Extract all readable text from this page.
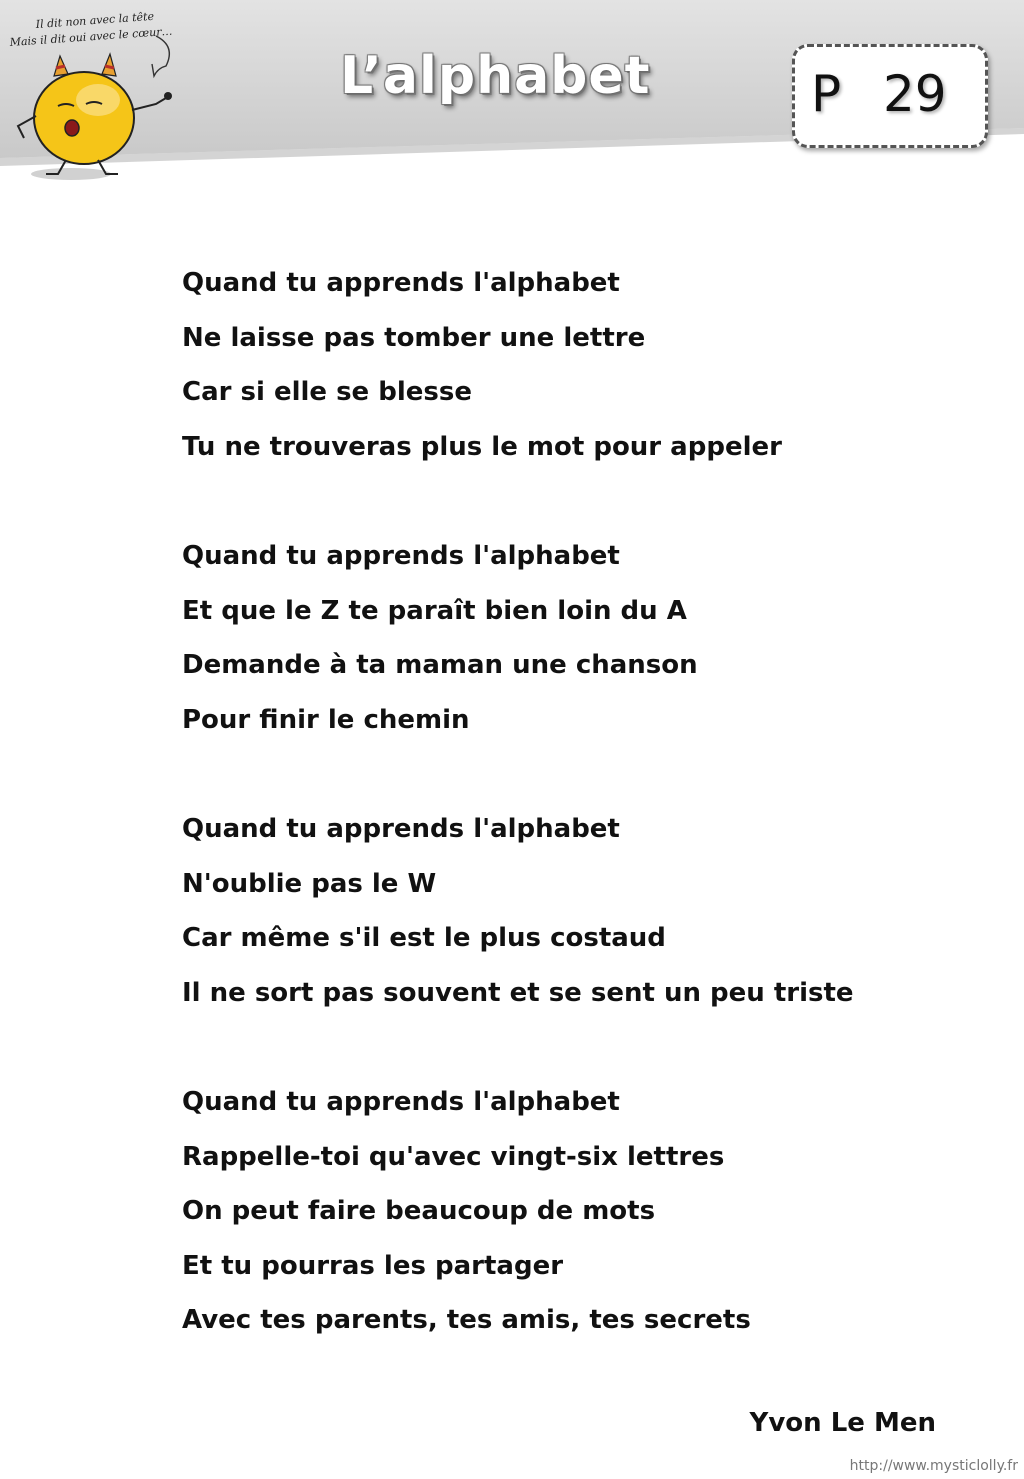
Il dit non avec la tête
Mais il dit oui avec le cœur…
L’alphabet	P 29
Quand tu apprends l'alphabet
Ne laisse pas tomber une lettre
Car si elle se blesse
Tu ne trouveras plus le mot pour appeler
Quand tu apprends l'alphabet
Et que le Z te paraît bien loin du A
Demande à ta maman une chanson
Pour finir le chemin
Quand tu apprends l'alphabet
N'oublie pas le W
Car même s'il est le plus costaud
Il ne sort pas souvent et se sent un peu triste
Quand tu apprends l'alphabet
Rappelle-toi qu'avec vingt-six lettres
On peut faire beaucoup de mots
Et tu pourras les partager
Avec tes parents, tes amis, tes secrets
Yvon Le Men
http://www.mysticlolly.fr
